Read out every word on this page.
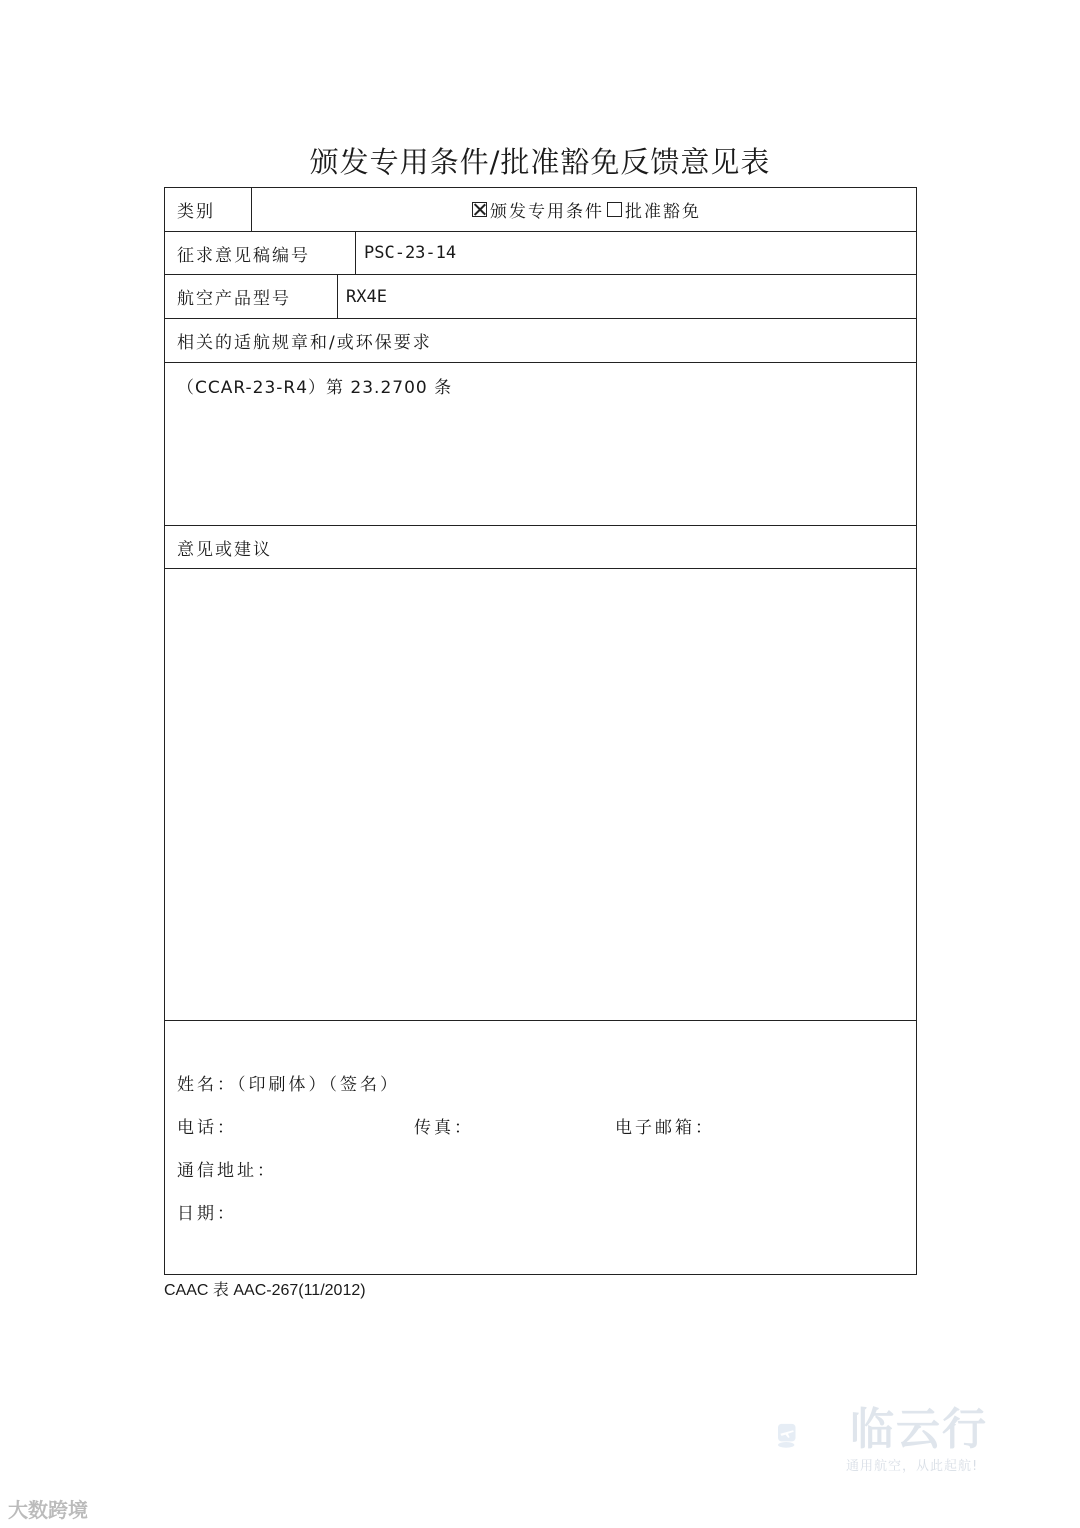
颁发专用条件/批准豁免反馈意见表
类别	颁发专用条件 批准豁免
征求意见稿编号	PSC-23-14
航空产品型号	RX4E
相关的适航规章和/或环保要求
（CCAR-23-R4）第 23.2700 条
意见或建议
姓名：（印刷体）（签名）
电话：	传真：	电子邮箱：
通信地址：
日期：
CAAC 表 AAC-267(11/2012)
临云行
通用航空，从此起航!
大数跨境
